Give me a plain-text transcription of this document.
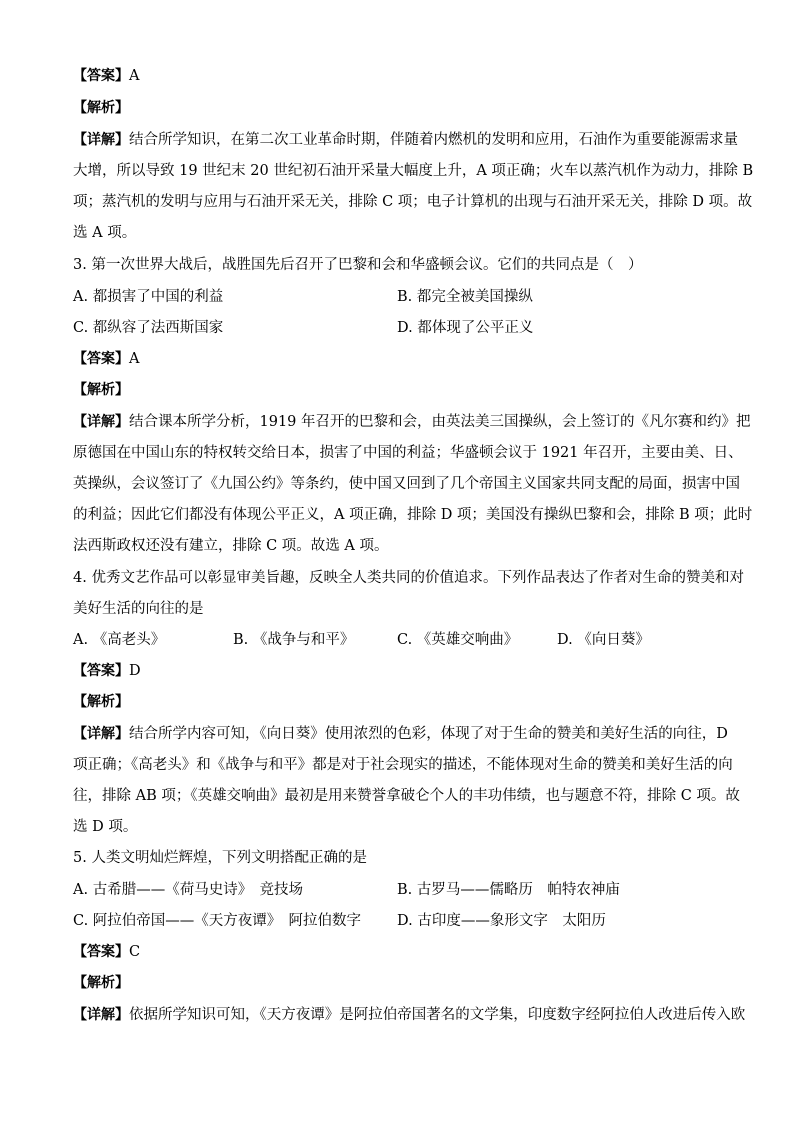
【答案】A
【解析】
【详解】结合所学知识，在第二次工业革命时期，伴随着内燃机的发明和应用，石油作为重要能源需求量
大增，所以导致 19 世纪末 20 世纪初石油开采量大幅度上升，A 项正确；火车以蒸汽机作为动力，排除 B
项；蒸汽机的发明与应用与石油开采无关，排除 C 项；电子计算机的出现与石油开采无关，排除 D 项。故
选 A 项。
3. 第一次世界大战后，战胜国先后召开了巴黎和会和华盛顿会议。它们的共同点是（　）
A. 都损害了中国的利益	B. 都完全被美国操纵
C. 都纵容了法西斯国家	D. 都体现了公平正义
【答案】A
【解析】
【详解】结合课本所学分析，1919 年召开的巴黎和会，由英法美三国操纵，会上签订的《凡尔赛和约》把
原德国在中国山东的特权转交给日本，损害了中国的利益；华盛顿会议于 1921 年召开，主要由美、日、
英操纵，会议签订了《九国公约》等条约，使中国又回到了几个帝国主义国家共同支配的局面，损害中国
的利益；因此它们都没有体现公平正义，A 项正确，排除 D 项；美国没有操纵巴黎和会，排除 B 项；此时
法西斯政权还没有建立，排除 C 项。故选 A 项。
4. 优秀文艺作品可以彰显审美旨趣，反映全人类共同的价值追求。下列作品表达了作者对生命的赞美和对
美好生活的向往的是
A. 《高老头》	B. 《战争与和平》	C. 《英雄交响曲》	D. 《向日葵》
【答案】D
【解析】
【详解】结合所学内容可知，《向日葵》使用浓烈的色彩，体现了对于生命的赞美和美好生活的向往，D
项正确；《高老头》和《战争与和平》都是对于社会现实的描述，不能体现对生命的赞美和美好生活的向
往，排除 AB 项；《英雄交响曲》最初是用来赞誉拿破仑个人的丰功伟绩，也与题意不符，排除 C 项。故
选 D 项。
5. 人类文明灿烂辉煌，下列文明搭配正确的是
A. 古希腊——《荷马史诗》　竞技场	B. 古罗马——儒略历　帕特农神庙
C. 阿拉伯帝国——《天方夜谭》　阿拉伯数字 D. 古印度——象形文字　太阳历
【答案】C
【解析】
【详解】依据所学知识可知，《天方夜谭》是阿拉伯帝国著名的文学集，印度数字经阿拉伯人改进后传入欧
